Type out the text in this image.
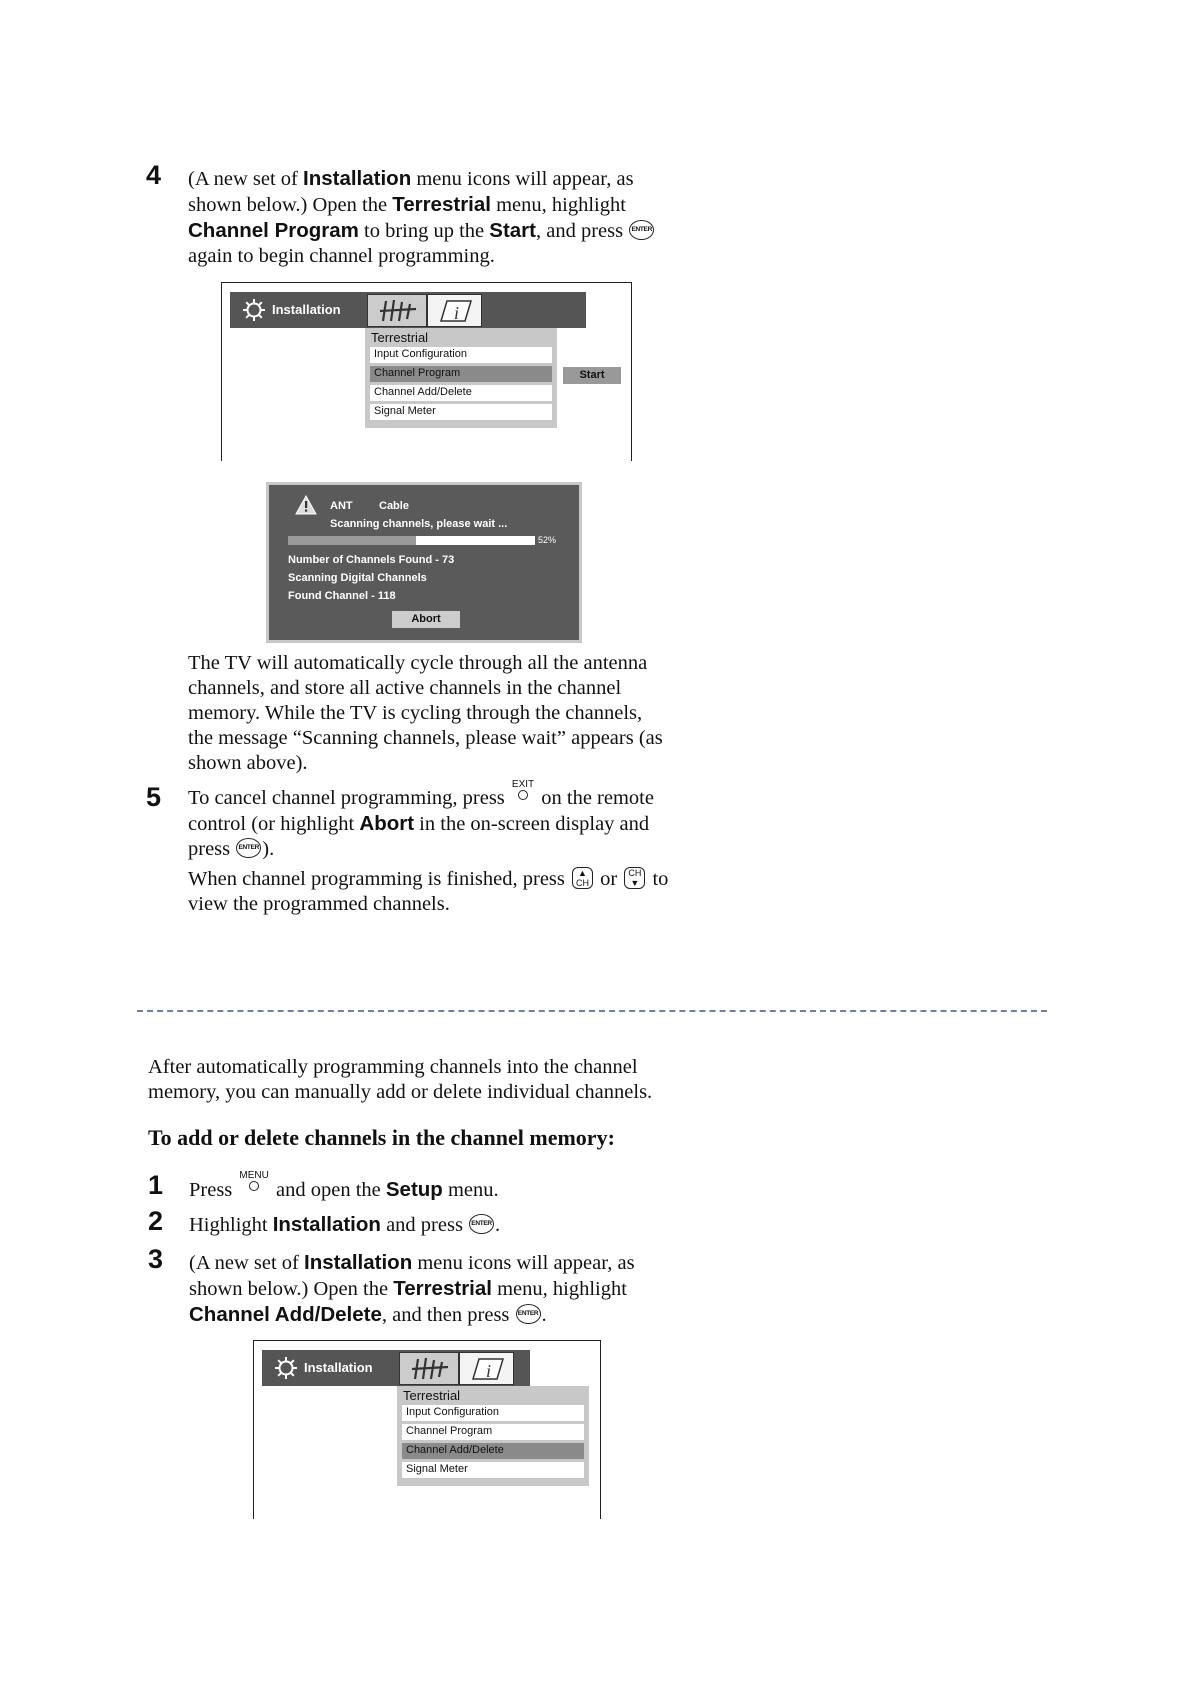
4 (A new set of Installation menu icons will appear, as
shown below.) Open the Terrestrial menu, highlight
Channel Program to bring up the Start, and press ENTER
again to begin channel programming.
Installation	i
Terrestrial
Input Configuration
Channel Program
Channel Add/Delete
Signal Meter
Start
ANT Cable
Scanning channels, please wait ...
52%
Number of Channels Found - 73
Scanning Digital Channels
Found Channel - 118
Abort
The TV will automatically cycle through all the antenna
channels, and store all active channels in the channel
memory. While the TV is cycling through the channels,
the message “Scanning channels, please wait” appears (as
shown above).
5 To cancel channel programming, press EXIT
on the remote
control (or highlight Abort in the on-screen display and
press ENTER ).
When channel programming is finished, press ▲
CH or CH
▼ to
view the programmed channels.
After automatically programming channels into the channel
memory, you can manually add or delete individual channels.
To add or delete channels in the channel memory:
1 Press MENU
and open the Setup menu.
2 Highlight Installation and press ENTER .
3 (A new set of Installation menu icons will appear, as
shown below.) Open the Terrestrial menu, highlight
Channel Add/Delete, and then press ENTER .
Installation	i
Terrestrial
Input Configuration
Channel Program
Channel Add/Delete
Signal Meter
